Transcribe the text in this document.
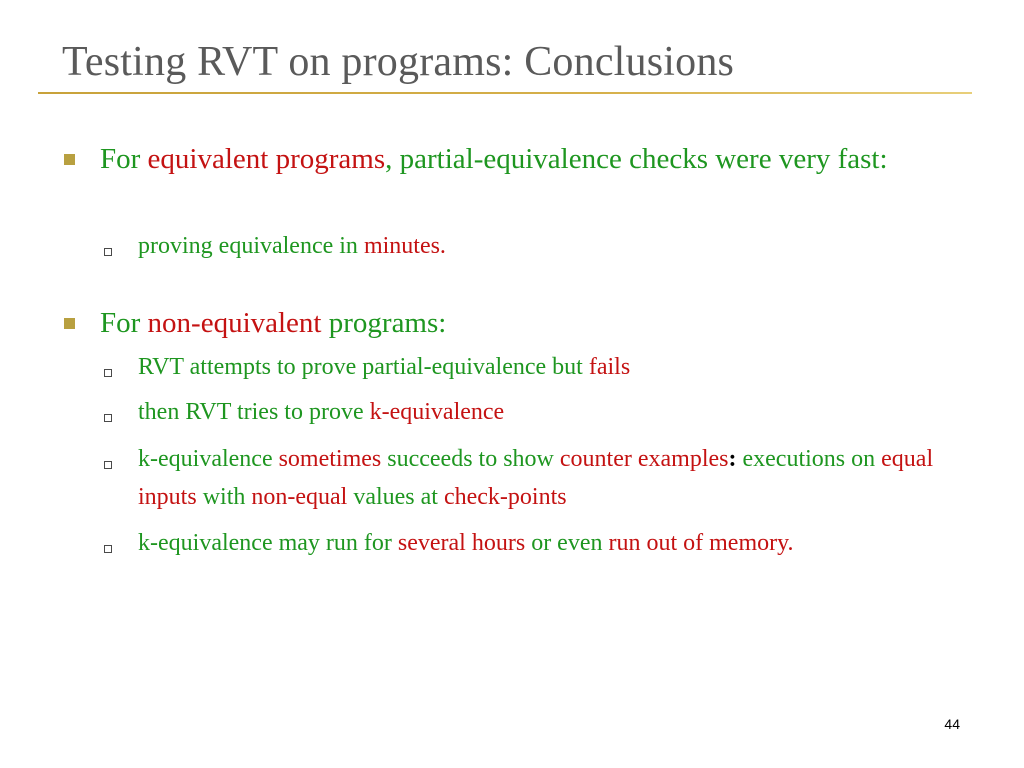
Testing RVT on programs: Conclusions
For equivalent programs, partial-equivalence checks were very fast:
proving equivalence in minutes.
For non-equivalent programs:
RVT attempts to prove partial-equivalence but fails
then RVT tries to prove k-equivalence
k-equivalence sometimes succeeds to show counter examples: executions on equal inputs with non-equal values at check-points
k-equivalence may run for several hours or even run out of memory.
44
